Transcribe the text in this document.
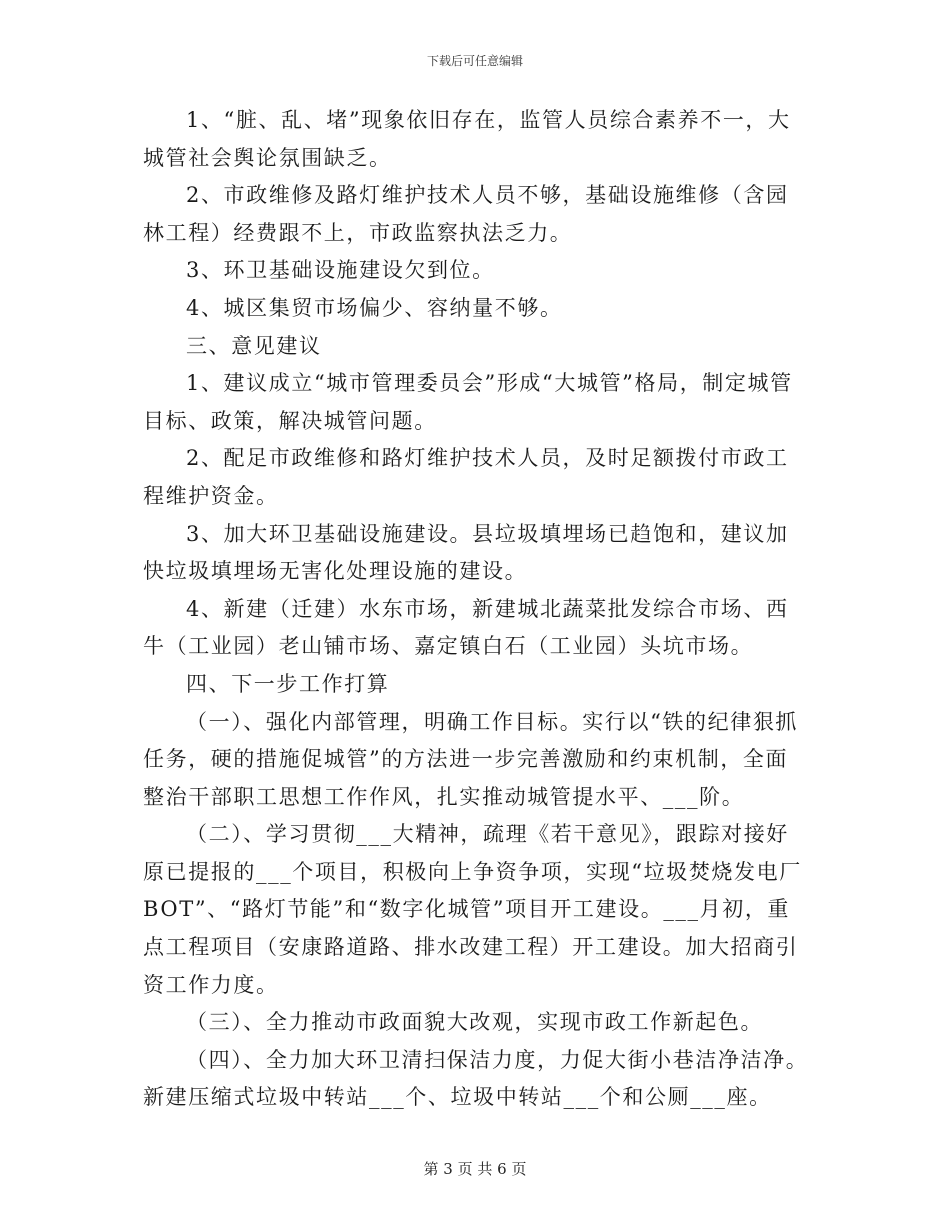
下载后可任意编辑

1、“脏、乱、堵”现象依旧存在，监管人员综合素养不一，大城管社会舆论氛围缺乏。

2、市政维修及路灯维护技术人员不够，基础设施维修（含园林工程）经费跟不上，市政监察执法乏力。

3、环卫基础设施建设欠到位。

4、城区集贸市场偏少、容纳量不够。

三、意见建议

1、建议成立“城市管理委员会”形成“大城管”格局，制定城管目标、政策，解决城管问题。

2、配足市政维修和路灯维护技术人员，及时足额拨付市政工程维护资金。

3、加大环卫基础设施建设。县垃圾填埋场已趋饱和，建议加快垃圾填埋场无害化处理设施的建设。

4、新建（迁建）水东市场，新建城北蔬菜批发综合市场、西牛（工业园）老山铺市场、嘉定镇白石（工业园）头坑市场。

四、下一步工作打算

（一）、强化内部管理，明确工作目标。实行以“铁的纪律狠抓任务，硬的措施促城管”的方法进一步完善激励和约束机制，全面整治干部职工思想工作作风，扎实推动城管提水平、___阶。

（二）、学习贯彻___大精神，疏理《若干意见》，跟踪对接好原已提报的___个项目，积极向上争资争项，实现“垃圾焚烧发电厂BOT”、“路灯节能”和“数字化城管”项目开工建设。___月初，重点工程项目（安康路道路、排水改建工程）开工建设。加大招商引资工作力度。

（三）、全力推动市政面貌大改观，实现市政工作新起色。

（四）、全力加大环卫清扫保洁力度，力促大街小巷洁净洁净。新建压缩式垃圾中转站___个、垃圾中转站___个和公厕___座。

第 3 页 共 6 页
